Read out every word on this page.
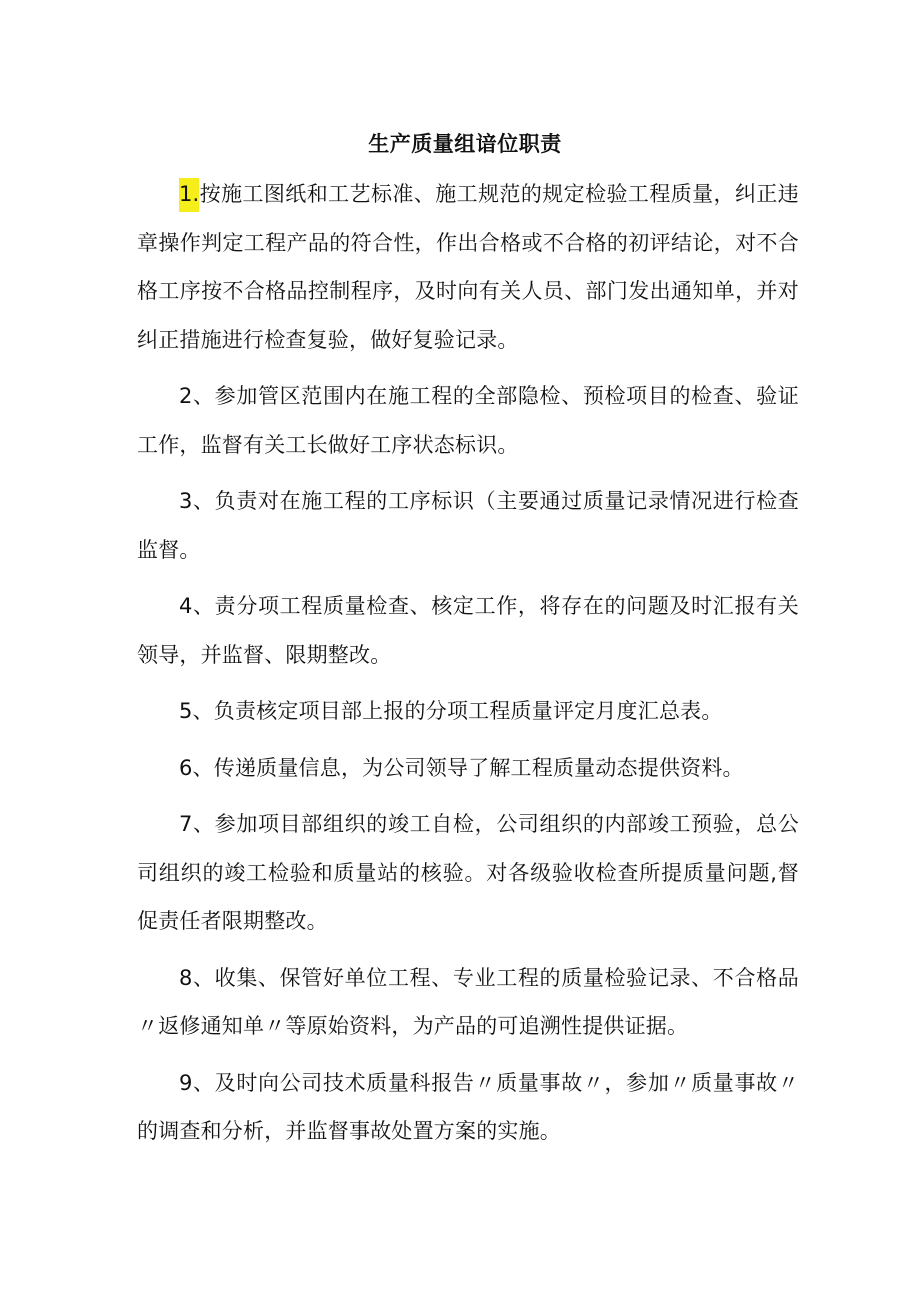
生产质量组谙位职责

1.按施工图纸和工艺标准、施工规范的规定检验工程质量，纠正违章操作判定工程产品的符合性，作出合格或不合格的初评结论，对不合格工序按不合格品控制程序，及时向有关人员、部门发出通知单，并对纠正措施进行检查复验，做好复验记录。

2、参加管区范围内在施工程的全部隐检、预检项目的检查、验证工作，监督有关工长做好工序状态标识。

3、负责对在施工程的工序标识（主要通过质量记录情况进行检查监督。

4、责分项工程质量检查、核定工作，将存在的问题及时汇报有关领导，并监督、限期整改。

5、负责核定项目部上报的分项工程质量评定月度汇总表。

6、传递质量信息，为公司领导了解工程质量动态提供资料。

7、参加项目部组织的竣工自检，公司组织的内部竣工预验，总公司组织的竣工检验和质量站的核验。对各级验收检查所提质量问题,督促责任者限期整改。

8、收集、保管好单位工程、专业工程的质量检验记录、不合格品〃返修通知单〃等原始资料，为产品的可追溯性提供证据。

9、及时向公司技术质量科报告〃质量事故〃，参加〃质量事故〃的调查和分析，并监督事故处置方案的实施。
